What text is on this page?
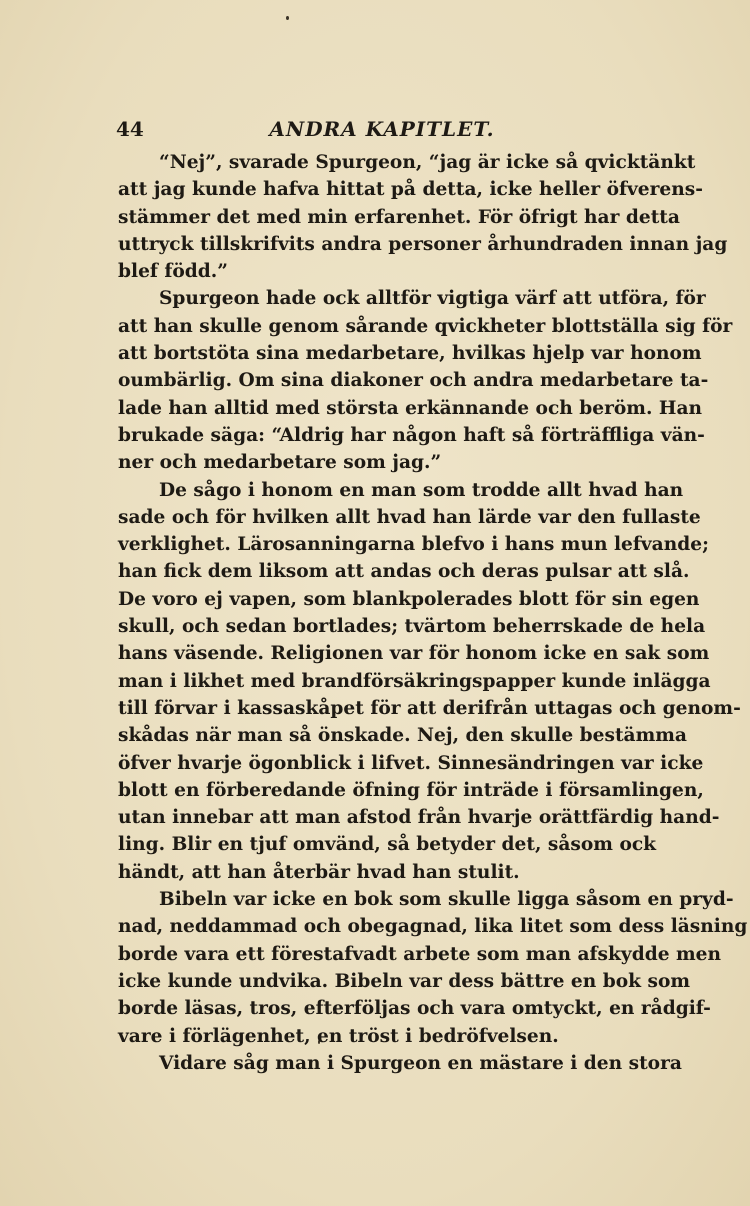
44	ANDRA KAPITLET.
“Nej”, svarade Spurgeon, “jag är icke så qvicktänkt
att jag kunde hafva hittat på detta, icke heller öfverens-
stämmer det med min erfarenhet. För öfrigt har detta
uttryck tillskrifvits andra personer århundraden innan jag
blef född.”
Spurgeon hade ock alltför vigtiga värf att utföra, för
att han skulle genom sårande qvickheter blottställa sig för
att bortstöta sina medarbetare, hvilkas hjelp var honom
oumbärlig. Om sina diakoner och andra medarbetare ta-
lade han alltid med största erkännande och beröm. Han
brukade säga: “Aldrig har någon haft så förträffliga vän-
ner och medarbetare som jag.”
De sågo i honom en man som trodde allt hvad han
sade och för hvilken allt hvad han lärde var den fullaste
verklighet. Lärosanningarna blefvo i hans mun lefvande;
han fick dem liksom att andas och deras pulsar att slå.
De voro ej vapen, som blankpolerades blott för sin egen
skull, och sedan bortlades; tvärtom beherrskade de hela
hans väsende. Religionen var för honom icke en sak som
man i likhet med brandförsäkringspapper kunde inlägga
till förvar i kassaskåpet för att derifrån uttagas och genom-
skådas när man så önskade. Nej, den skulle bestämma
öfver hvarje ögonblick i lifvet. Sinnesändringen var icke
blott en förberedande öfning för inträde i församlingen,
utan innebar att man afstod från hvarje orättfärdig hand-
ling. Blir en tjuf omvänd, så betyder det, såsom ock
händt, att han återbär hvad han stulit.
Bibeln var icke en bok som skulle ligga såsom en pryd-
nad, neddammad och obegagnad, lika litet som dess läsning
borde vara ett förestafvadt arbete som man afskydde men
icke kunde undvika. Bibeln var dess bättre en bok som
borde läsas, tros, efterföljas och vara omtyckt, en rådgif-
vare i förlägenhet, en tröst i bedröfvelsen.
Vidare såg man i Spurgeon en mästare i den stora
